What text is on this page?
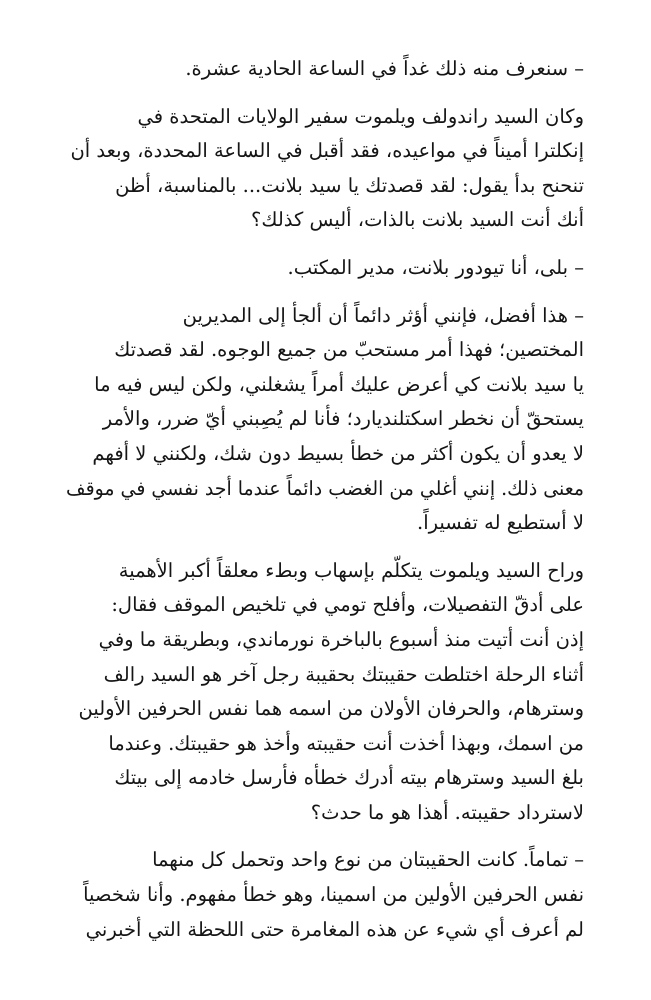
– سنعرف منه ذلك غداً في الساعة الحادية عشرة.
وكان السيد راندولف ويلموت سفير الولايات المتحدة في
إنكلترا أميناً في مواعيده، فقد أقبل في الساعة المحددة، وبعد أن
تنحنح بدأ يقول: لقد قصدتك يا سيد بلانت... بالمناسبة، أظن
أنك أنت السيد بلانت بالذات، أليس كذلك؟
– بلى، أنا تيودور بلانت، مدير المكتب.
– هذا أفضل، فإنني أؤثر دائماً أن ألجأ إلى المديرين
المختصين؛ فهذا أمر مستحبّ من جميع الوجوه. لقد قصدتك
يا سيد بلانت كي أعرض عليك أمراً يشغلني، ولكن ليس فيه ما
يستحقّ أن نخطر اسكتلنديارد؛ فأنا لم يُصِبني أيّ ضرر، والأمر
لا يعدو أن يكون أكثر من خطأ بسيط دون شك، ولكنني لا أفهم
معنى ذلك. إنني أغلي من الغضب دائماً عندما أجد نفسي في موقف
لا أستطيع له تفسيراً.
وراح السيد ويلموت يتكلّم بإسهاب وبطء معلقاً أكبر الأهمية
على أدقّ التفصيلات، وأفلح تومي في تلخيص الموقف فقال:
إذن أنت أتيت منذ أسبوع بالباخرة نورماندي، وبطريقة ما وفي
أثناء الرحلة اختلطت حقيبتك بحقيبة رجل آخر هو السيد رالف
وسترهام، والحرفان الأولان من اسمه هما نفس الحرفين الأولين
من اسمك، وبهذا أخذت أنت حقيبته وأخذ هو حقيبتك. وعندما
بلغ السيد وسترهام بيته أدرك خطأه فأرسل خادمه إلى بيتك
لاسترداد حقيبته. أهذا هو ما حدث؟
– تماماً. كانت الحقيبتان من نوع واحد وتحمل كل منهما
نفس الحرفين الأولين من اسمينا، وهو خطأ مفهوم. وأنا شخصياً
لم أعرف أي شيء عن هذه المغامرة حتى اللحظة التي أخبرني
